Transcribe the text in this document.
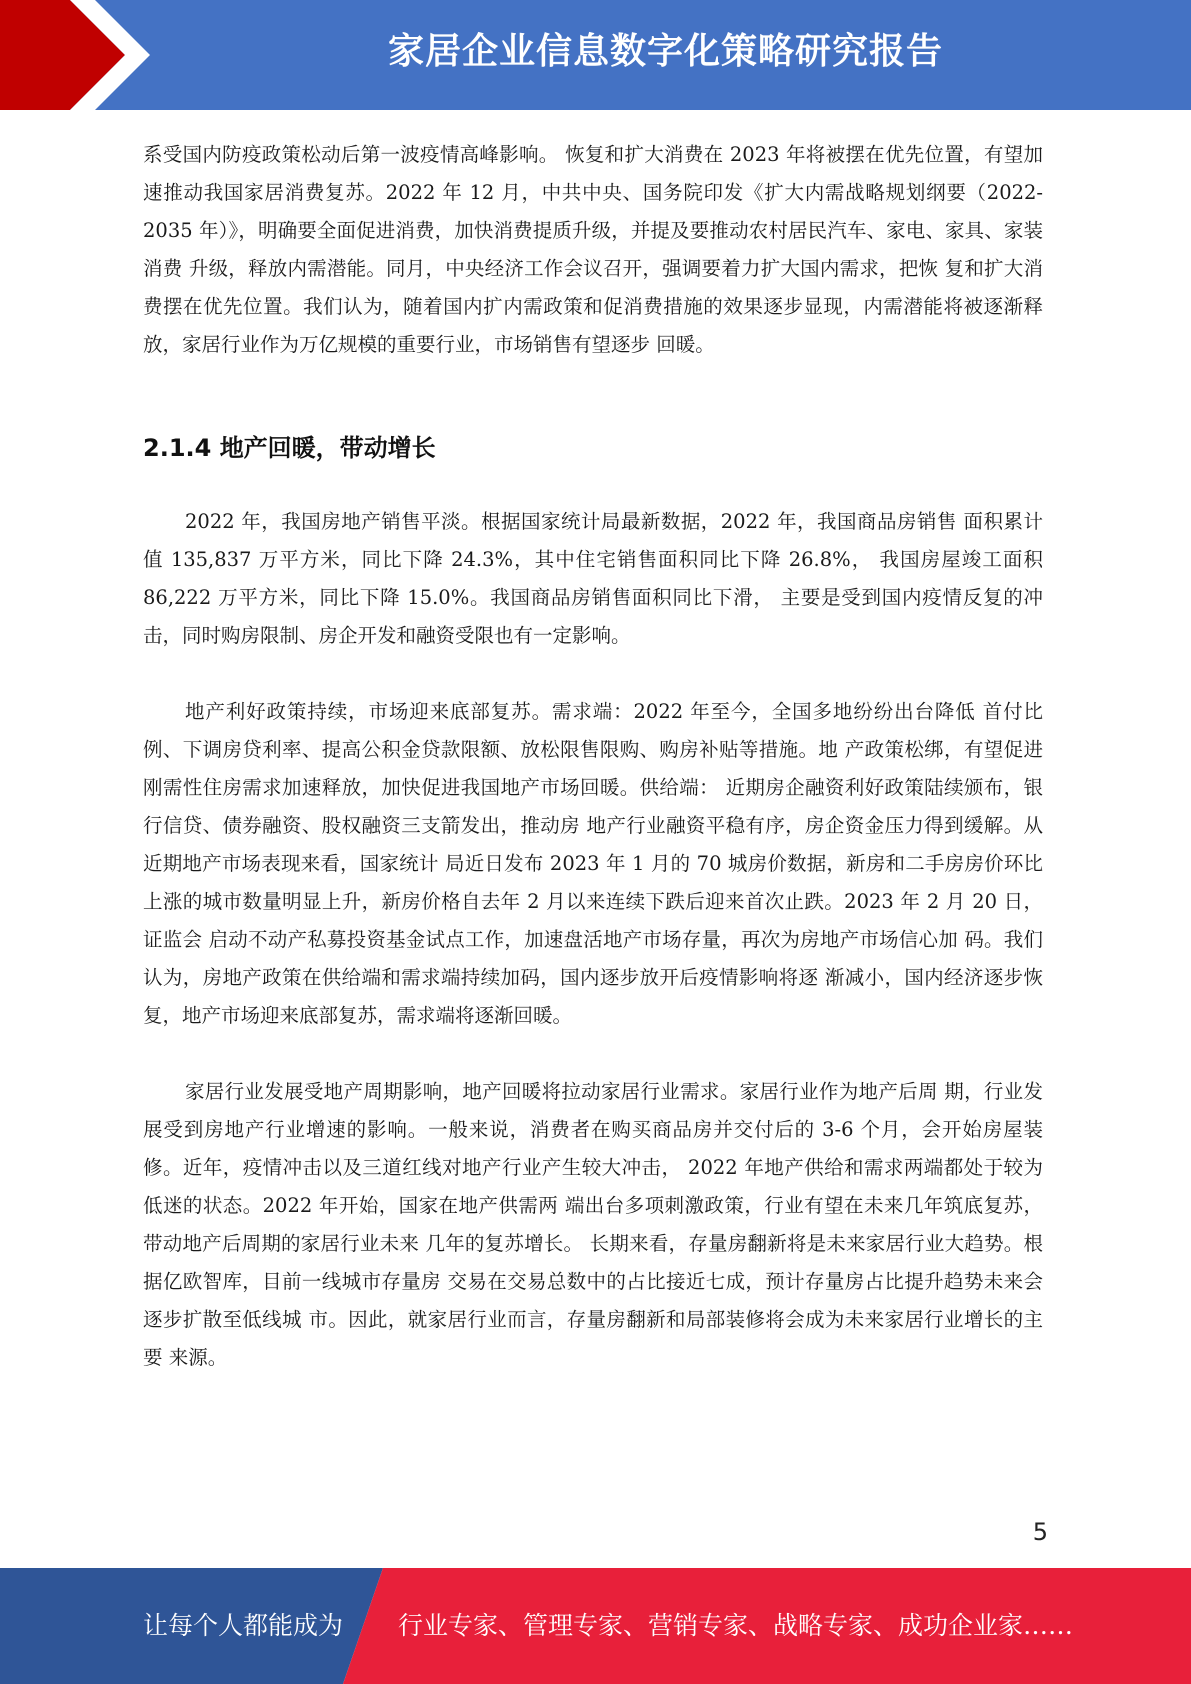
家居企业信息数字化策略研究报告

系受国内防疫政策松动后第一波疫情高峰影响。 恢复和扩大消费在 2023 年将被摆在优先位置，有望加速推动我国家居消费复苏。2022 年 12 月，中共中央、国务院印发《扩大内需战略规划纲要（2022-2035 年）》，明确要全面促进消费，加快消费提质升级，并提及要推动农村居民汽车、家电、家具、家装消费 升级，释放内需潜能。同月，中央经济工作会议召开，强调要着力扩大国内需求，把恢 复和扩大消费摆在优先位置。我们认为，随着国内扩内需政策和促消费措施的效果逐步显现，内需潜能将被逐渐释放，家居行业作为万亿规模的重要行业，市场销售有望逐步 回暖。

2.1.4 地产回暖，带动增长

2022 年，我国房地产销售平淡。根据国家统计局最新数据，2022 年，我国商品房销售 面积累计值 135,837 万平方米，同比下降 24.3%，其中住宅销售面积同比下降 26.8%， 我国房屋竣工面积 86,222 万平方米，同比下降 15.0%。我国商品房销售面积同比下滑， 主要是受到国内疫情反复的冲击，同时购房限制、房企开发和融资受限也有一定影响。

地产利好政策持续，市场迎来底部复苏。需求端：2022 年至今，全国多地纷纷出台降低 首付比例、下调房贷利率、提高公积金贷款限额、放松限售限购、购房补贴等措施。地 产政策松绑，有望促进刚需性住房需求加速释放，加快促进我国地产市场回暖。供给端： 近期房企融资利好政策陆续颁布，银行信贷、债券融资、股权融资三支箭发出，推动房 地产行业融资平稳有序，房企资金压力得到缓解。从近期地产市场表现来看，国家统计 局近日发布 2023 年 1 月的 70 城房价数据，新房和二手房房价环比上涨的城市数量明显上升，新房价格自去年 2 月以来连续下跌后迎来首次止跌。2023 年 2 月 20 日，证监会 启动不动产私募投资基金试点工作，加速盘活地产市场存量，再次为房地产市场信心加 码。我们认为，房地产政策在供给端和需求端持续加码，国内逐步放开后疫情影响将逐 渐减小，国内经济逐步恢复，地产市场迎来底部复苏，需求端将逐渐回暖。

家居行业发展受地产周期影响，地产回暖将拉动家居行业需求。家居行业作为地产后周 期，行业发展受到房地产行业增速的影响。一般来说，消费者在购买商品房并交付后的 3-6 个月，会开始房屋装修。近年，疫情冲击以及三道红线对地产行业产生较大冲击， 2022 年地产供给和需求两端都处于较为低迷的状态。2022 年开始，国家在地产供需两 端出台多项刺激政策，行业有望在未来几年筑底复苏，带动地产后周期的家居行业未来 几年的复苏增长。 长期来看，存量房翻新将是未来家居行业大趋势。根据亿欧智库，目前一线城市存量房 交易在交易总数中的占比接近七成，预计存量房占比提升趋势未来会逐步扩散至低线城 市。因此，就家居行业而言，存量房翻新和局部装修将会成为未来家居行业增长的主要 来源。

5
让每个人都能成为 行业专家、管理专家、营销专家、战略专家、成功企业家……
